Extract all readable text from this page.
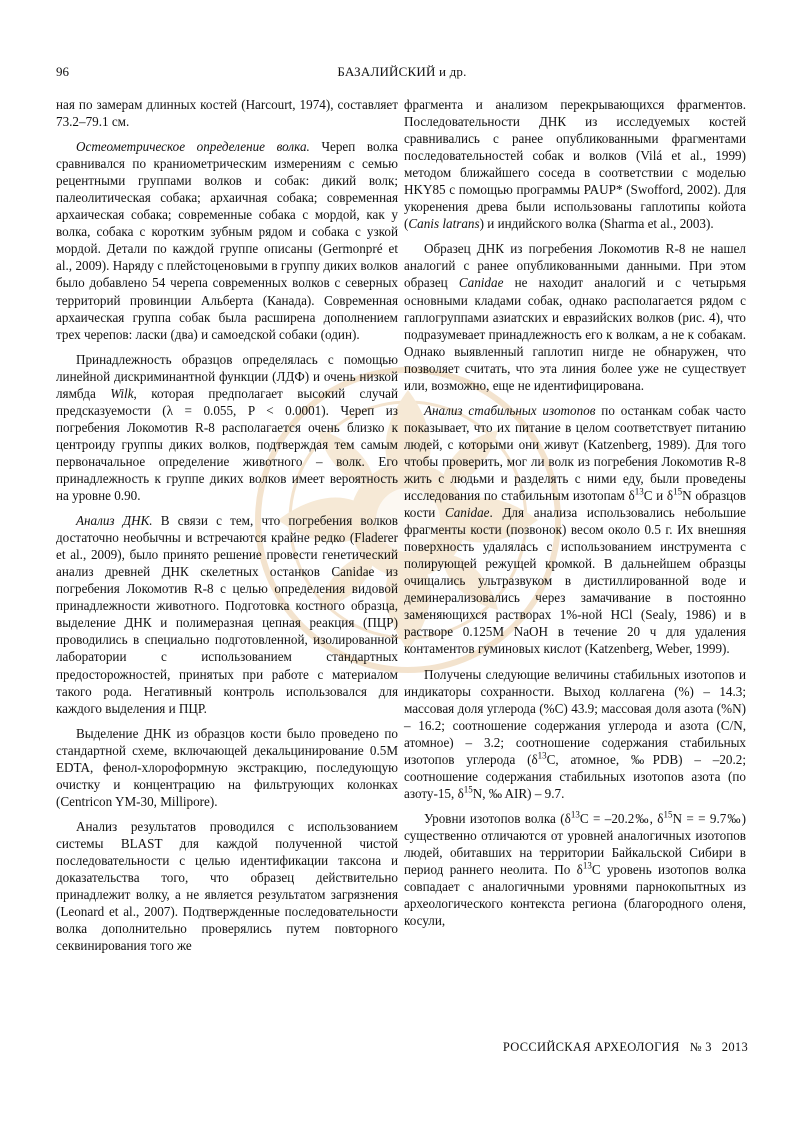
96	БАЗАЛИЙСКИЙ и др.

ная по замерам длинных костей (Harcourt, 1974), составляет 73.2–79.1 см.

Остеометрическое определение волка. Череп волка сравнивался по краниометрическим измерениям с семью рецентными группами волков и собак: дикий волк; палеолитическая собака; архаичная собака; современная архаическая собака; современные собака с мордой, как у волка, собака с коротким зубным рядом и собака с узкой мордой. Детали по каждой группе описаны (Germonpré et al., 2009). Наряду с плейстоценовыми в группу диких волков было добавлено 54 черепа современных волков с северных территорий провинции Альберта (Канада). Современная архаическая группа собак была расширена дополнением трех черепов: ласки (два) и самоедской собаки (один).

Принадлежность образцов определялась с помощью линейной дискриминантной функции (ЛДФ) и очень низкой лямбда Wilk, которая предполагает высокий случай предсказуемости (λ = 0.055, P < 0.0001). Череп из погребения Локомотив R-8 располагается очень близко к центроиду группы диких волков, подтверждая тем самым первоначальное определение животного – волк. Его принадлежность к группе диких волков имеет вероятность на уровне 0.90.

Анализ ДНК. В связи с тем, что погребения волков достаточно необычны и встречаются крайне редко (Fladerer et al., 2009), было принято решение провести генетический анализ древней ДНК скелетных останков Canidae из погребения Локомотив R-8 с целью определения видовой принадлежности животного. Подготовка костного образца, выделение ДНК и полимеразная цепная реакция (ПЦР) проводились в специально подготовленной, изолированной лаборатории с использованием стандартных предосторожностей, принятых при работе с материалом такого рода. Негативный контроль использовался для каждого выделения и ПЦР.

Выделение ДНК из образцов кости было проведено по стандартной схеме, включающей декальцинирование 0.5M EDTA, фенол-хлороформную экстракцию, последующую очистку и концентрацию на фильтрующих колонках (Centricon YM-30, Millipore).

Анализ результатов проводился с использованием системы BLAST для каждой полученной чистой последовательности с целью идентификации таксона и доказательства того, что образец действительно принадлежит волку, а не является результатом загрязнения (Leonard et al., 2007). Подтвержденные последовательности волка дополнительно проверялись путем повторного секвинирования того же

фрагмента и анализом перекрывающихся фрагментов. Последовательности ДНК из исследуемых костей сравнивались с ранее опубликованными фрагментами последовательностей собак и волков (Vilá et al., 1999) методом ближайшего соседа в соответствии с моделью HKY85 с помощью программы PAUP* (Swofford, 2002). Для укоренения древа были использованы гаплотипы койота (Canis latrans) и индийского волка (Sharma et al., 2003).

Образец ДНК из погребения Локомотив R-8 не нашел аналогий с ранее опубликованными данными. При этом образец Canidae не находит аналогий и с четырьмя основными кладами собак, однако располагается рядом с гаплогруппами азиатских и евразийских волков (рис. 4), что подразумевает принадлежность его к волкам, а не к собакам. Однако выявленный гаплотип нигде не обнаружен, что позволяет считать, что эта линия более уже не существует или, возможно, еще не идентифицирована.

Анализ стабильных изотопов по останкам собак часто показывает, что их питание в целом соответствует питанию людей, с которыми они живут (Katzenberg, 1989). Для того чтобы проверить, мог ли волк из погребения Локомотив R-8 жить с людьми и разделять с ними еду, были проведены исследования по стабильным изотопам $\delta^{13}C$ и $\delta^{15}N$ образцов кости Canidae. Для анализа использовались небольшие фрагменты кости (позвонок) весом около 0.5 г. Их внешняя поверхность удалялась с использованием инструмента с полирующей режущей кромкой. В дальнейшем образцы очищались ультразвуком в дистиллированной воде и деминерализовались через замачивание в постоянно заменяющихся растворах 1%-ной HCl (Sealy, 1986) и в растворе 0.125M NaOH в течение 20 ч для удаления контаментов гуминовых кислот (Katzenberg, Weber, 1999).

Получены следующие величины стабильных изотопов и индикаторы сохранности. Выход коллагена (%) – 14.3; массовая доля углерода (%C) 43.9; массовая доля азота (%N) – 16.2; соотношение содержания углерода и азота (C/N, атомное) – 3.2; соотношение содержания стабильных изотопов углерода ($\delta^{13}C$, атомное, ‰PDB) – –20.2; соотношение содержания стабильных изотопов азота (по азоту-15, $\delta^{15}N$, ‰ AIR) – 9.7.

Уровни изотопов волка ($\delta^{13}C$ = –20.2‰, $\delta^{15}N$ = = 9.7‰) существенно отличаются от уровней аналогичных изотопов людей, обитавших на территории Байкальской Сибири в период раннего неолита. По $\delta^{13}C$ уровень изотопов волка совпадает с аналогичными уровнями парнокопытных из археологического контекста региона (благородного оленя, косули,

РОССИЙСКАЯ АРХЕОЛОГИЯ № 3 2013
